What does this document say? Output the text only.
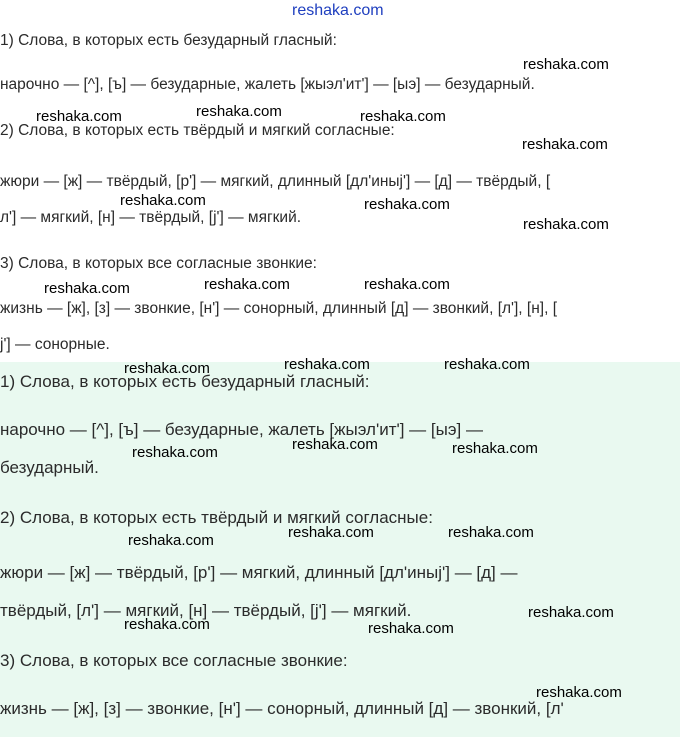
reshaka.com
1) Слова, в которых есть безударный гласный:
нарочно — [^], [ъ] — безударные, жалеть [жыэл'ит'] — [ыэ] — безударный.
2) Слова, в которых есть твёрдый и мягкий согласные:
жюри — [ж] — твёрдый, [р'] — мягкий, длинный [дл'иныj'] — [д] — твёрдый, [
л'] — мягкий, [н] — твёрдый, [j'] — мягкий.
3) Слова, в которых все согласные звонкие:
жизнь — [ж], [з] — звонкие, [н'] — сонорный, длинный [д] — звонкий, [л'], [н], [
j'] — сонорные.
1) Слова, в которых есть безударный гласный:
нарочно — [^], [ъ] — безударные, жалеть [жыэл'ит'] — [ыэ] —
безударный.
2) Слова, в которых есть твёрдый и мягкий согласные:
жюри — [ж] — твёрдый, [р'] — мягкий, длинный [дл'иныj'] — [д] —
твёрдый, [л'] — мягкий, [н] — твёрдый, [j'] — мягкий.
3) Слова, в которых все согласные звонкие:
жизнь — [ж], [з] — звонкие, [н'] — сонорный, длинный [д] — звонкий, [л'
reshaka.com
reshaka.com	reshaka.com	reshaka.com
reshaka.com
reshaka.com	reshaka.com
reshaka.com
reshaka.com	reshaka.com	reshaka.com
reshaka.com	reshaka.com	reshaka.com
reshaka.com	reshaka.com	reshaka.com
reshaka.com	reshaka.com	reshaka.com
reshaka.com	reshaka.com
reshaka.com
reshaka.com
